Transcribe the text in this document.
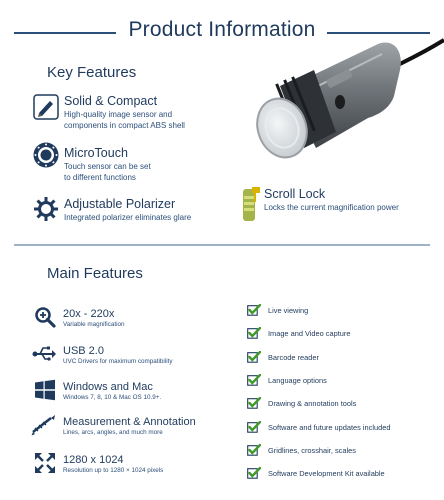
Product Information
Key Features
Solid & Compact
High-quality image sensor and
components in compact ABS shell
MicroTouch
Touch sensor can be set
to different functions
Adjustable Polarizer
Integrated polarizer eliminates glare
Scroll Lock
Locks the current magnification power
Main Features
20x - 220x
Variable magnification
USB 2.0
UVC Drivers for maximum compatibility
Windows and Mac
Windows 7, 8, 10 & Mac OS 10.9+.
Measurement & Annotation
Lines, arcs, angles, and much more
1280 x 1024
Resolution up to 1280 × 1024 pixels
Live viewing
Image and Video capture
Barcode reader
Language options
Drawing & annotation tools
Software and future updates included
Gridlines, crosshair, scales
Software Development Kit available
